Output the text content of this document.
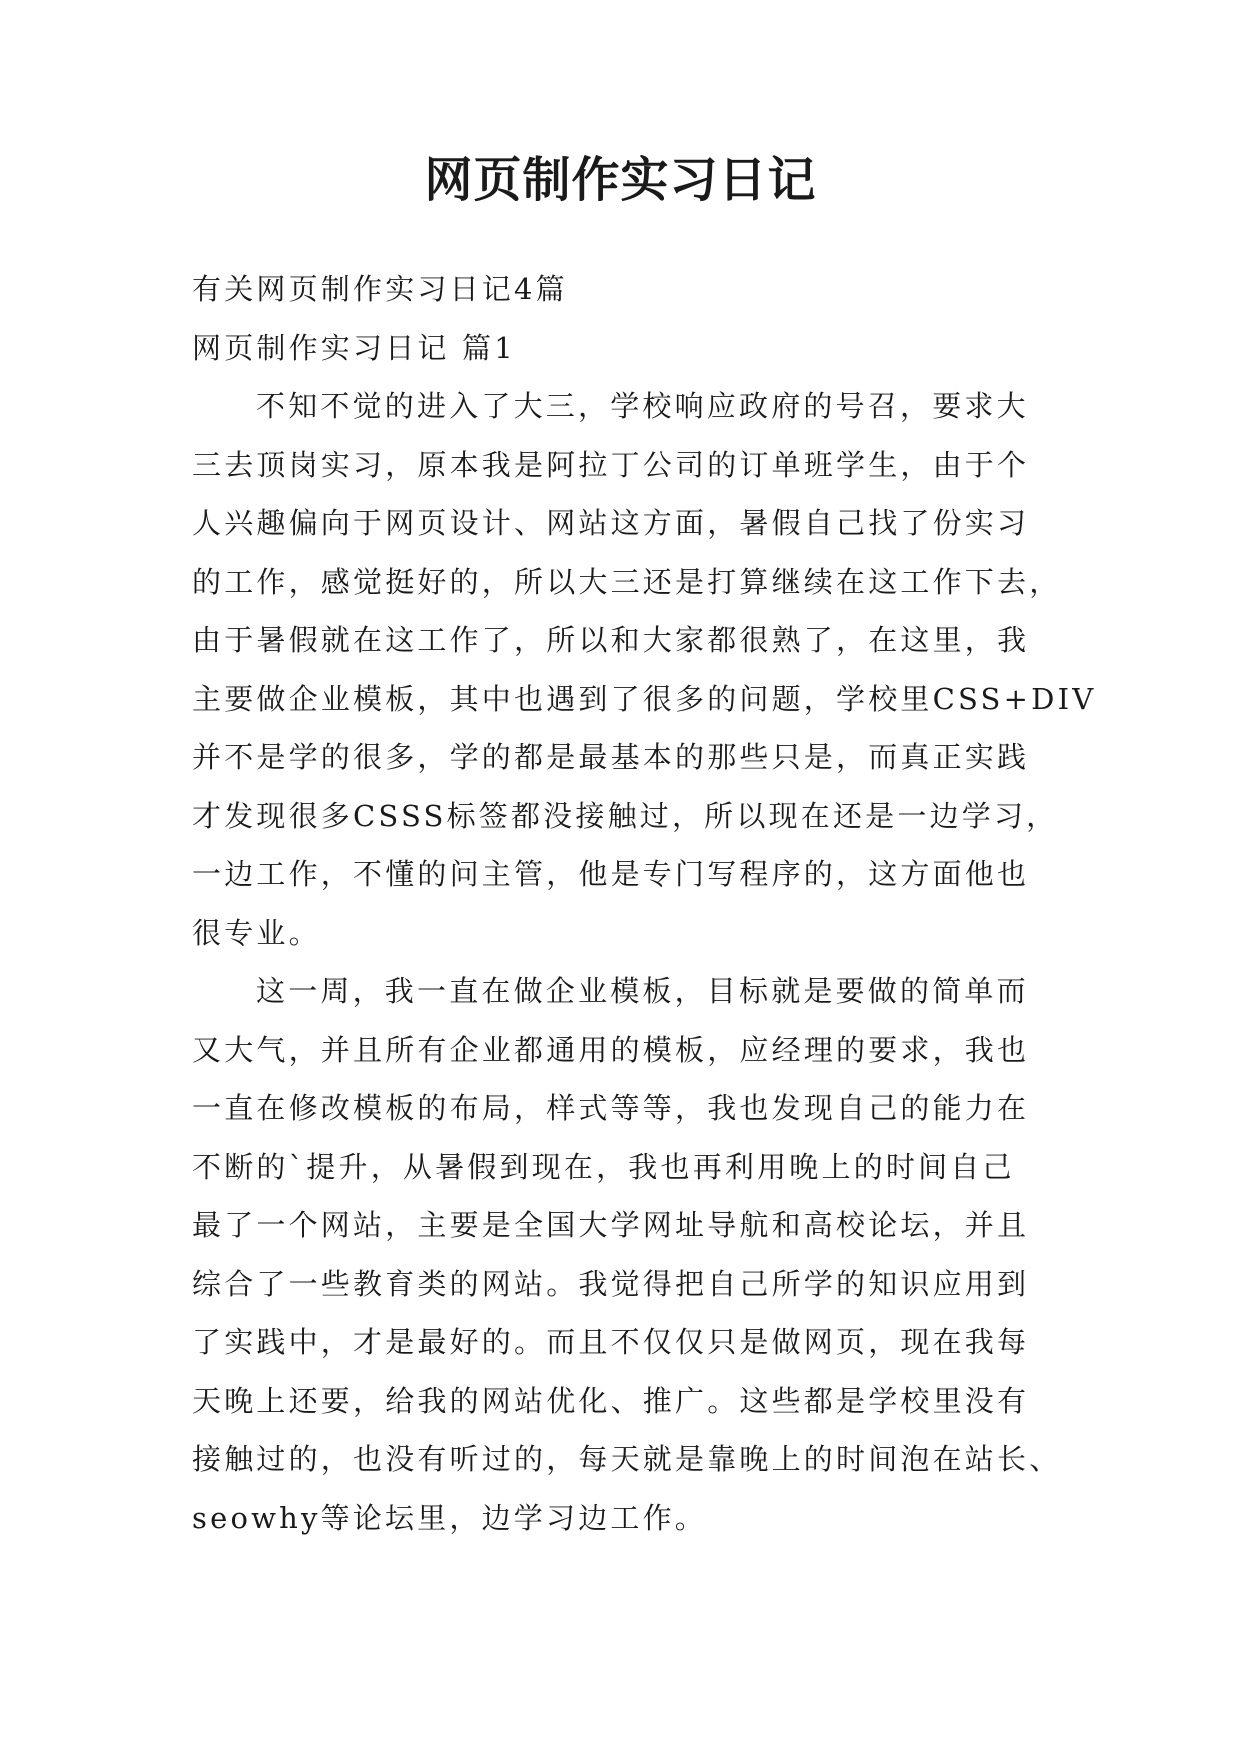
网页制作实习日记

有关网页制作实习日记4篇

网页制作实习日记 篇1

不知不觉的进入了大三，学校响应政府的号召，要求大
三去顶岗实习，原本我是阿拉丁公司的订单班学生，由于个
人兴趣偏向于网页设计、网站这方面，暑假自己找了份实习
的工作，感觉挺好的，所以大三还是打算继续在这工作下去，
由于暑假就在这工作了，所以和大家都很熟了，在这里，我
主要做企业模板，其中也遇到了很多的问题，学校里CSS+DIV
并不是学的很多，学的都是最基本的那些只是，而真正实践
才发现很多CSSS标签都没接触过，所以现在还是一边学习，
一边工作，不懂的问主管，他是专门写程序的，这方面他也
很专业。

这一周，我一直在做企业模板，目标就是要做的简单而
又大气，并且所有企业都通用的模板，应经理的要求，我也
一直在修改模板的布局，样式等等，我也发现自己的能力在
不断的`提升，从暑假到现在，我也再利用晚上的时间自己
最了一个网站，主要是全国大学网址导航和高校论坛，并且
综合了一些教育类的网站。我觉得把自己所学的知识应用到
了实践中，才是最好的。而且不仅仅只是做网页，现在我每
天晚上还要，给我的网站优化、推广。这些都是学校里没有
接触过的，也没有听过的，每天就是靠晚上的时间泡在站长、
seowhy等论坛里，边学习边工作。
